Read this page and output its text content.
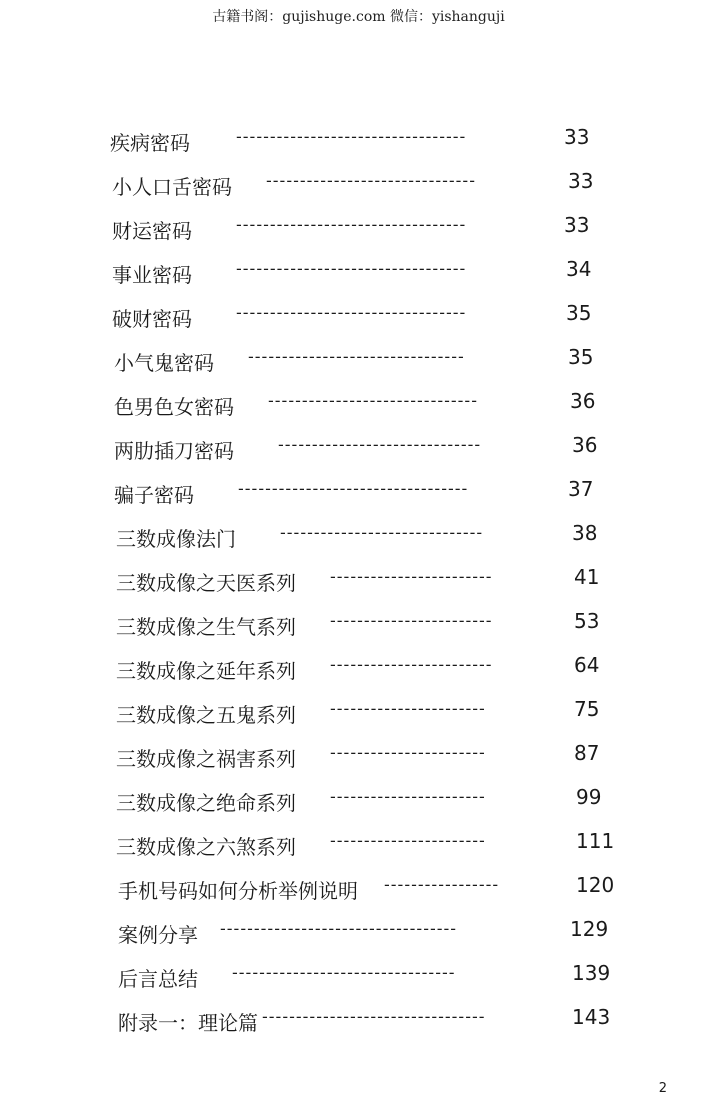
古籍书阁：gujishuge.com 微信：yishanguji
疾病密码	----------------------------------	33
小人口舌密码 -------------------------------	33
财运密码	----------------------------------	33
事业密码	----------------------------------	34
破财密码	----------------------------------	35
小气鬼密码 --------------------------------	35
色男色女密码 -------------------------------	36
两肋插刀密码	------------------------------	36
骗子密码	----------------------------------	37
三数成像法门	------------------------------	38
三数成像之天医系列 ------------------------	41
三数成像之生气系列 ------------------------	53
三数成像之延年系列 ------------------------	64
三数成像之五鬼系列 -----------------------	75
三数成像之祸害系列 -----------------------	87
三数成像之绝命系列 -----------------------	99
三数成像之六煞系列 -----------------------	111
手机号码如何分析举例说明 -----------------	120
案例分享 -----------------------------------	129
后言总结 ---------------------------------	139
附录一：理论篇 ---------------------------------	143
2
